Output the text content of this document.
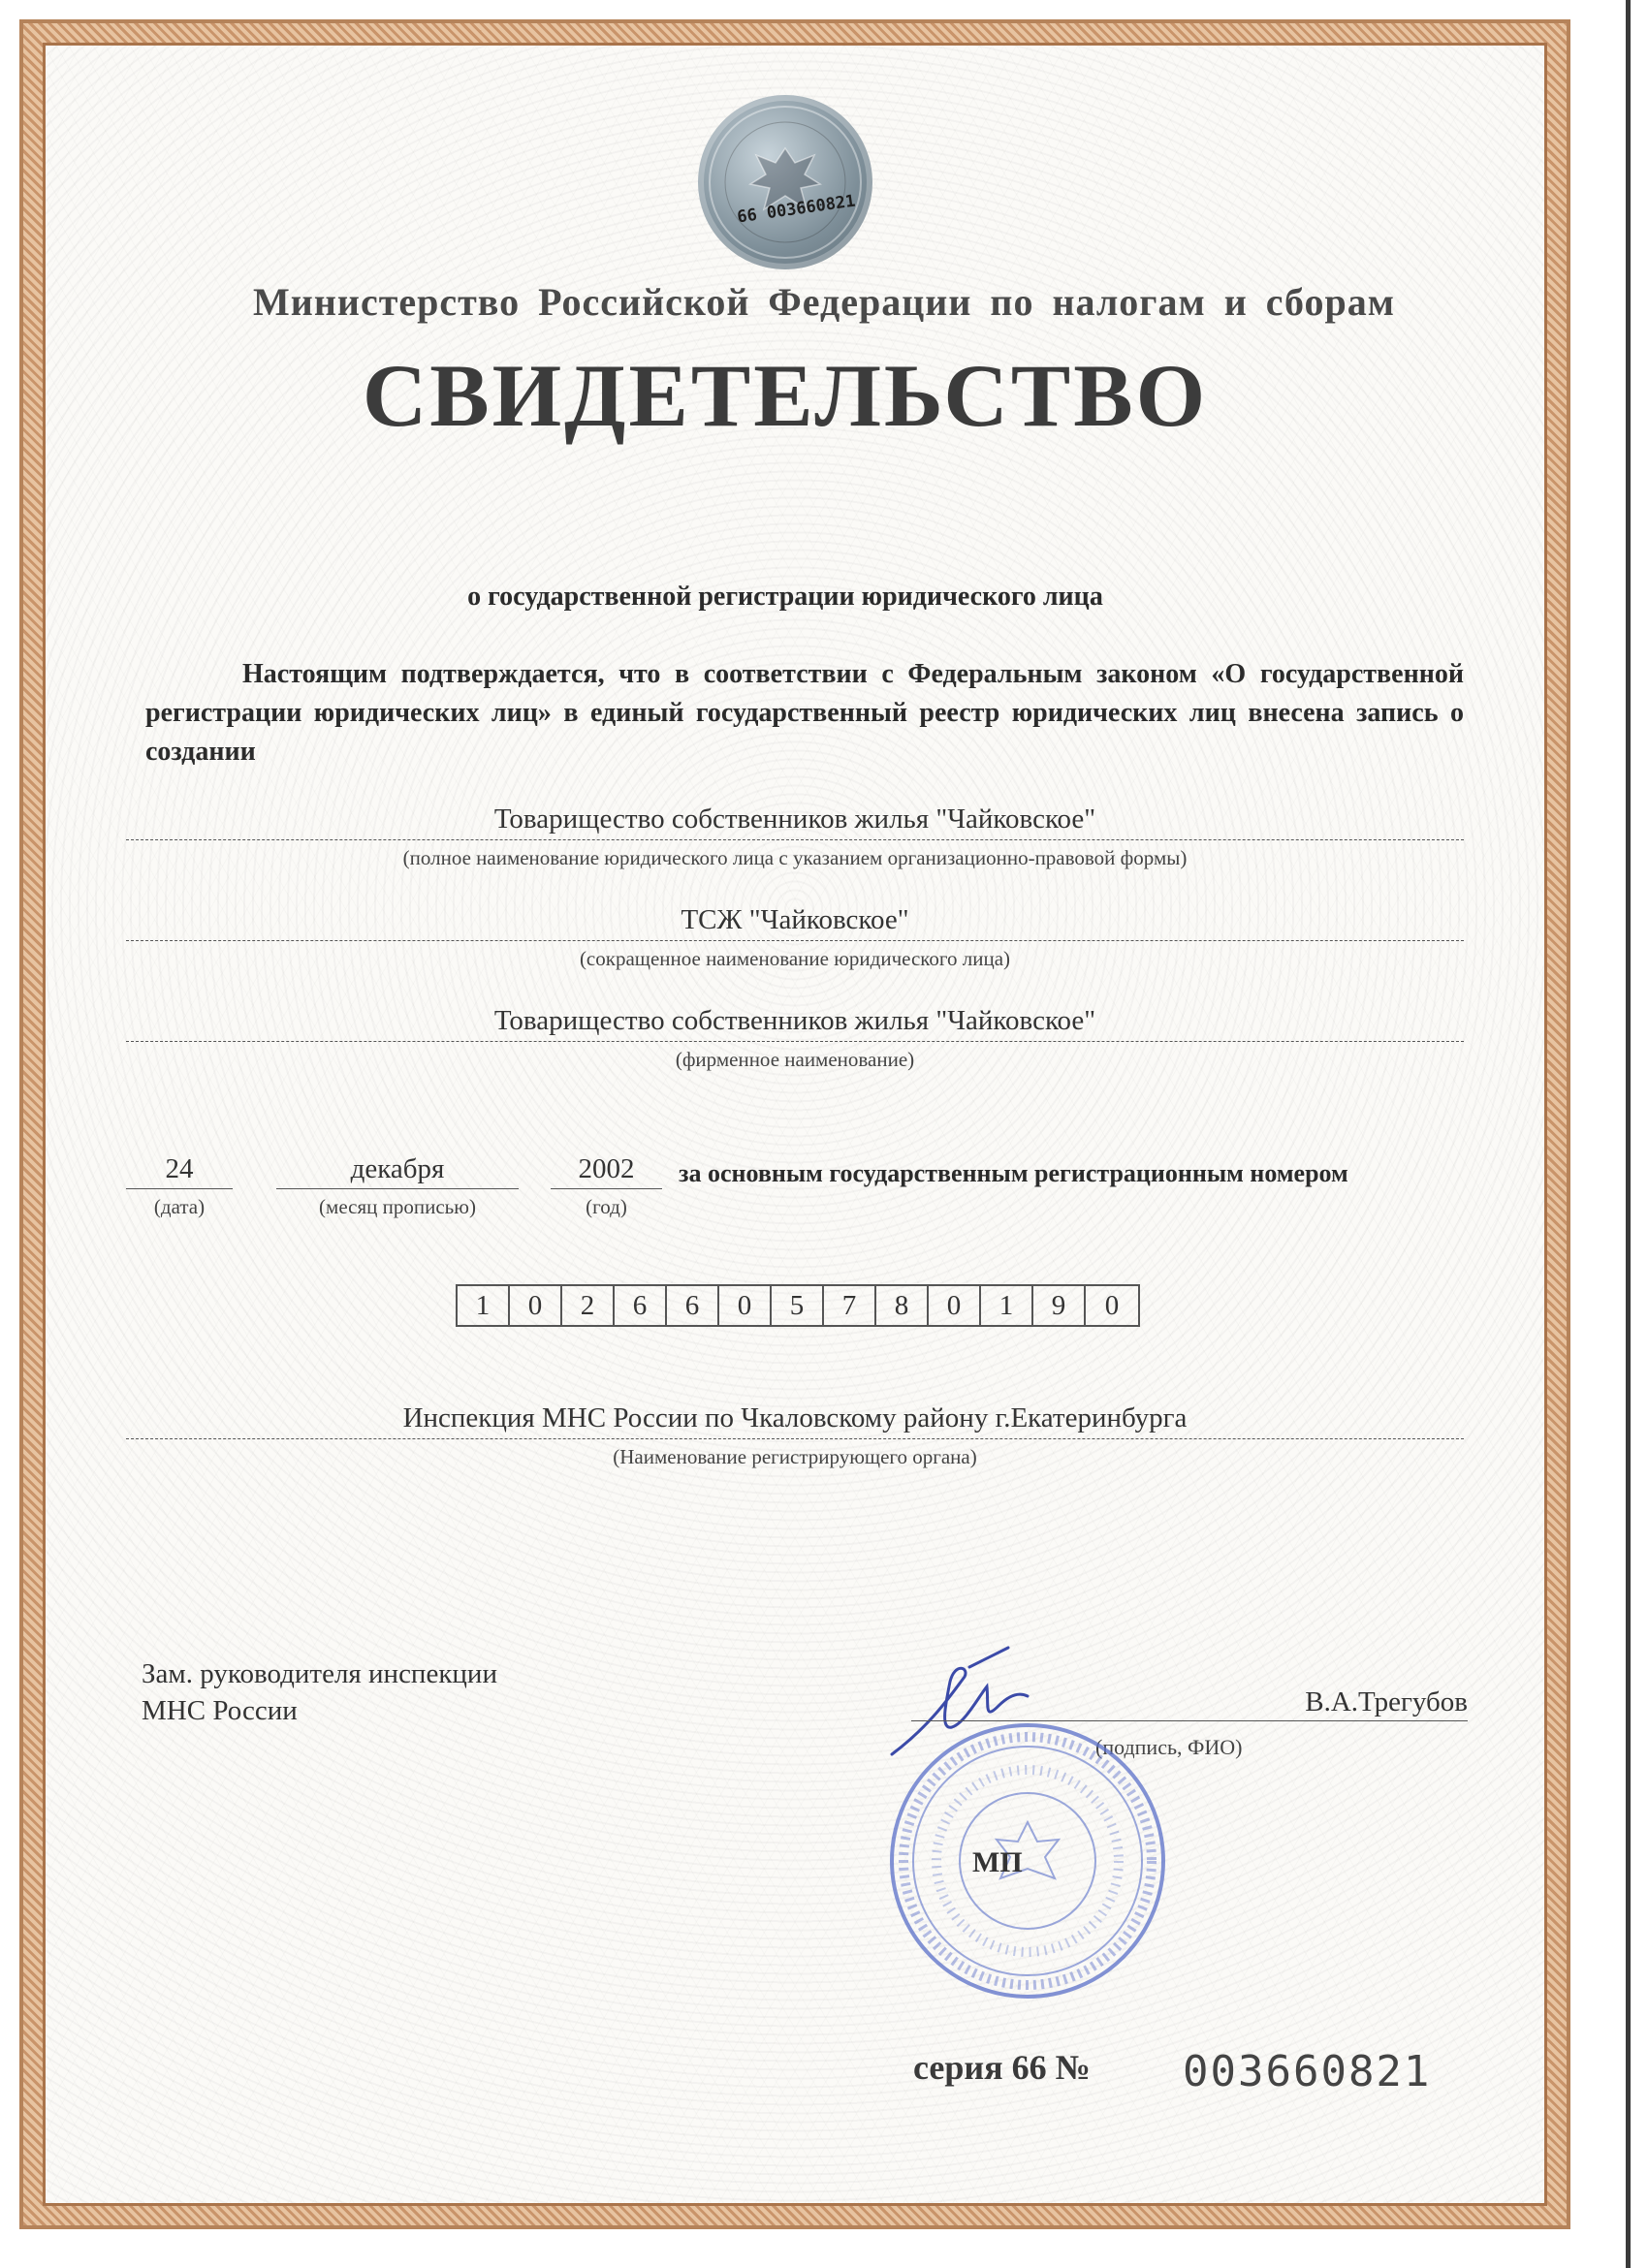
66 003660821
Министерство Российской Федерации по налогам и сборам
СВИДЕТЕЛЬСТВО
о государственной регистрации юридического лица
Настоящим подтверждается, что в соответствии с Федеральным законом «О государственной регистрации юридических лиц» в единый государственный реестр юридических лиц внесена запись о создании
Товарищество собственников жилья "Чайковское"
(полное наименование юридического лица с указанием организационно-правовой формы)
ТСЖ "Чайковское"
(сокращенное наименование юридического лица)
Товарищество собственников жилья "Чайковское"
(фирменное наименование)
24
(дата)
декабря
(месяц прописью)
2002
(год)
за основным государственным регистрационным номером
1	0	2	6	6	0	5	7	8	0	1	9	0
Инспекция МНС России по Чкаловскому району г.Екатеринбурга
(Наименование регистрирующего органа)
Зам. руководителя инспекции
МНС России	В.А.Трегубов
(подпись, ФИО)
МП
серия 66 № 003660821
